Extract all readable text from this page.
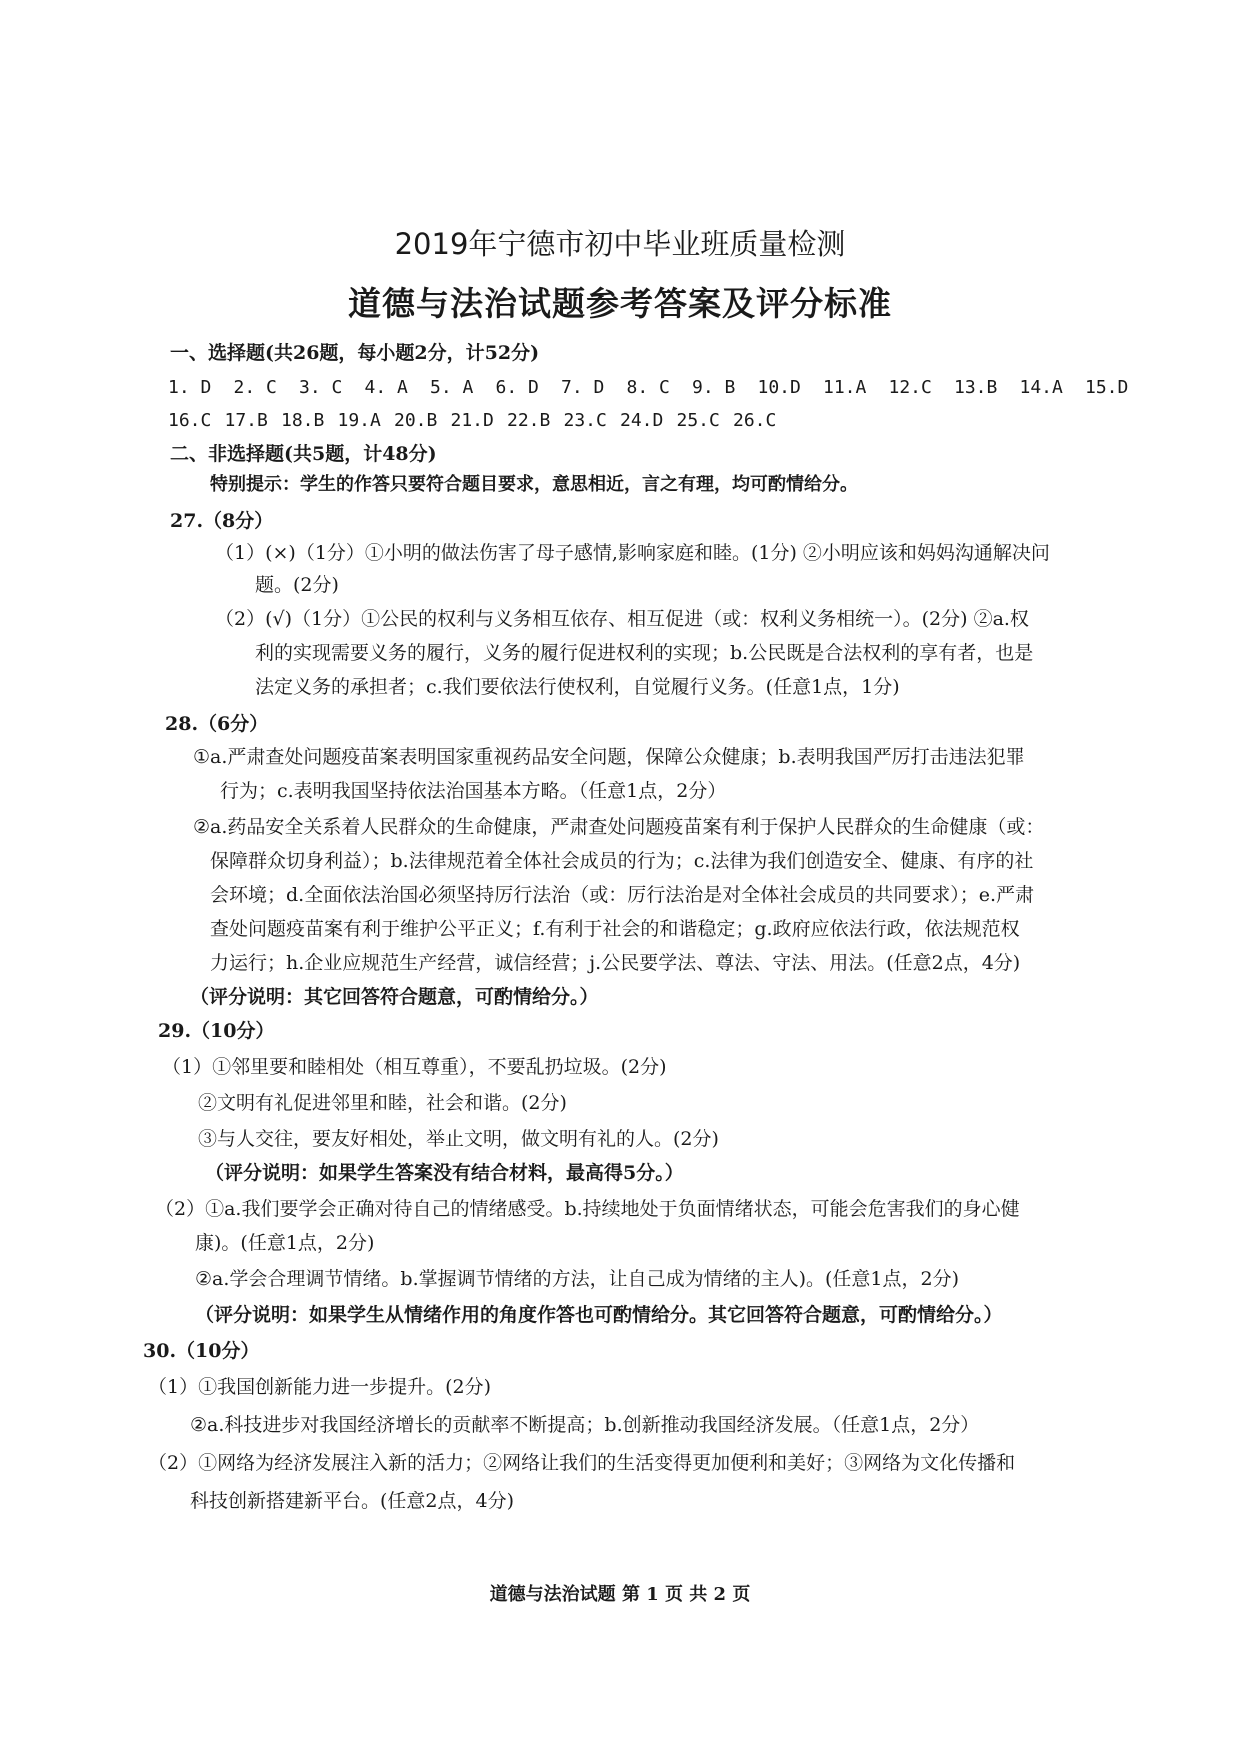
2019年宁德市初中毕业班质量检测
道德与法治试题参考答案及评分标准
一、选择题(共26题，每小题2分，计52分)
1. D 2. C 3. C 4. A 5. A 6. D 7. D 8. C 9. B 10.D 11.A 12.C 13.B 14.A 15.D
16.C 17.B 18.B 19.A 20.B 21.D 22.B 23.C 24.D 25.C 26.C
二、非选择题(共5题，计48分)
特别提示：学生的作答只要符合题目要求，意思相近，言之有理，均可酌情给分。
27.（8分）
（1）(×)（1分）①小明的做法伤害了母子感情,影响家庭和睦。(1分) ②小明应该和妈妈沟通解决问
题。(2分)
（2）(√)（1分）①公民的权利与义务相互依存、相互促进（或：权利义务相统一）。(2分) ②a.权
利的实现需要义务的履行，义务的履行促进权利的实现；b.公民既是合法权利的享有者，也是
法定义务的承担者；c.我们要依法行使权利，自觉履行义务。(任意1点，1分)
28.（6分）
①a.严肃查处问题疫苗案表明国家重视药品安全问题，保障公众健康；b.表明我国严厉打击违法犯罪
行为；c.表明我国坚持依法治国基本方略。（任意1点，2分）
②a.药品安全关系着人民群众的生命健康，严肃查处问题疫苗案有利于保护人民群众的生命健康（或：
保障群众切身利益）；b.法律规范着全体社会成员的行为；c.法律为我们创造安全、健康、有序的社
会环境；d.全面依法治国必须坚持厉行法治（或：厉行法治是对全体社会成员的共同要求）；e.严肃
查处问题疫苗案有利于维护公平正义；f.有利于社会的和谐稳定；g.政府应依法行政，依法规范权
力运行；h.企业应规范生产经营，诚信经营；j.公民要学法、尊法、守法、用法。(任意2点，4分)
（评分说明：其它回答符合题意，可酌情给分。）
29.（10分）
（1）①邻里要和睦相处（相互尊重），不要乱扔垃圾。(2分)
②文明有礼促进邻里和睦，社会和谐。(2分)
③与人交往，要友好相处，举止文明，做文明有礼的人。(2分)
（评分说明：如果学生答案没有结合材料，最高得5分。）
（2）①a.我们要学会正确对待自己的情绪感受。b.持续地处于负面情绪状态，可能会危害我们的身心健
康)。(任意1点，2分)
②a.学会合理调节情绪。b.掌握调节情绪的方法，让自己成为情绪的主人)。(任意1点，2分)
（评分说明：如果学生从情绪作用的角度作答也可酌情给分。其它回答符合题意，可酌情给分。）
30.（10分）
（1）①我国创新能力进一步提升。(2分)
②a.科技进步对我国经济增长的贡献率不断提高；b.创新推动我国经济发展。（任意1点，2分）
（2）①网络为经济发展注入新的活力；②网络让我们的生活变得更加便利和美好；③网络为文化传播和
科技创新搭建新平台。(任意2点，4分)
道德与法治试题 第 1 页 共 2 页
